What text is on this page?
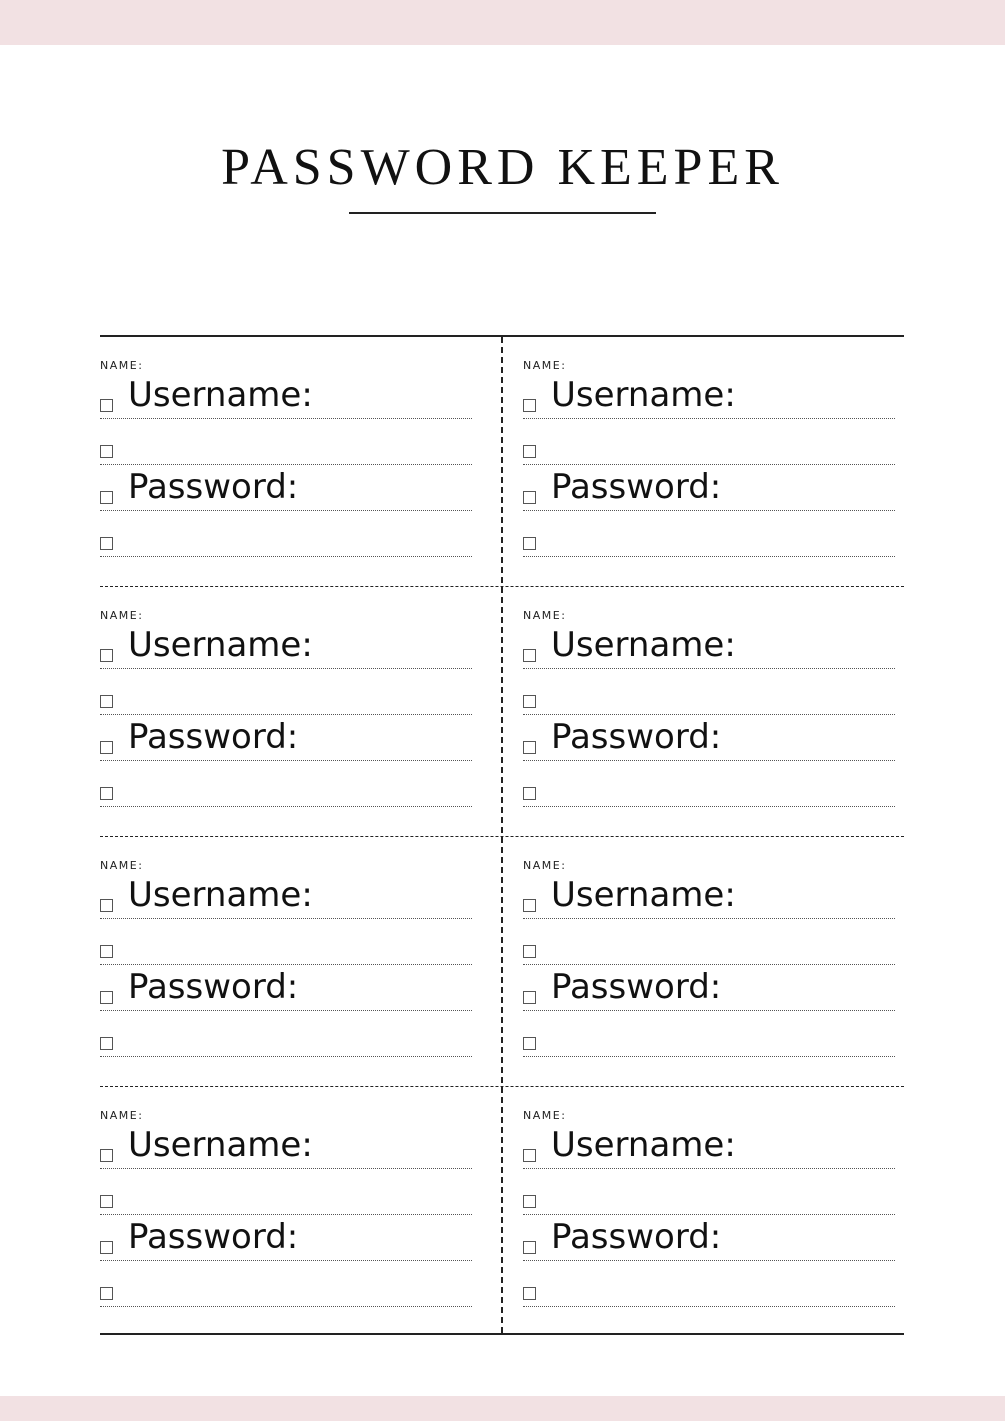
PASSWORD KEEPER
NAME:
Username:
Password:
NAME:
Username:
Password:
NAME:
Username:
Password:
NAME:
Username:
Password:
NAME:
Username:
Password:
NAME:
Username:
Password:
NAME:
Username:
Password:
NAME:
Username:
Password:
